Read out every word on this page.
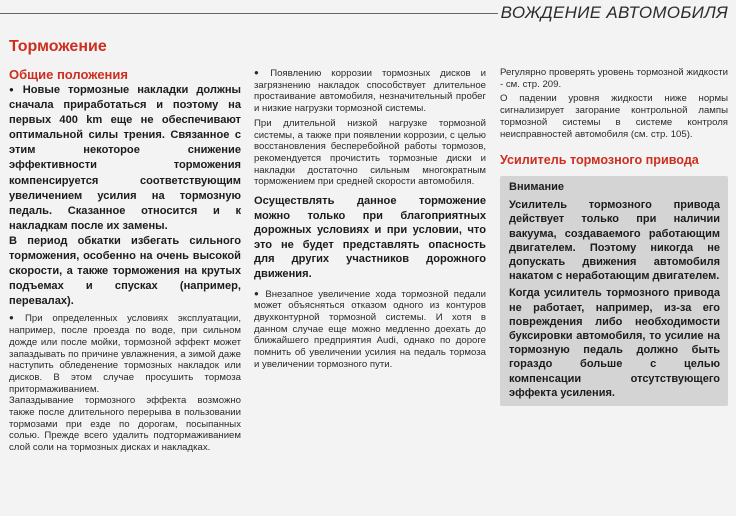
ВОЖДЕНИЕ АВТОМОБИЛЯ
Торможение
Общие положения

● Новые тормозные накладки должны сначала приработаться и поэтому на первых 400 km еще не обеспечивают оптимальной силы трения. Связанное с этим некоторое снижение эффективности торможения компенсируется соответствующим увеличением усилия на тормозную педаль. Сказанное относится и к накладкам после их замены.

В период обкатки избегать сильного торможения, особенно на очень высокой скорости, а также торможения на крутых подъемах и спусках (например, перевалах).

● При определенных условиях эксплуатации, например, после проезда по воде, при сильном дожде или после мойки, тормозной эффект может запаздывать по причине увлажнения, а зимой даже наступить обледенение тормозных накладок или дисков. В этом случае просушить тормоза притормаживанием.

Запаздывание тормозного эффекта возможно также после длительного перерыва в пользовании тормозами при езде по дорогам, посыпанных солью. Прежде всего удалить подтормаживанием слой соли на тормозных дисках и накладках.

● Появлению коррозии тормозных дисков и загрязнению накладок способствует длительное простаивание автомобиля, незначительный пробег и низкие нагрузки тормозной системы.

При длительной низкой нагрузке тормозной системы, а также при появлении коррозии, с целью восстановления бесперебойной работы тормозов, рекомендуется прочистить тормозные диски и накладки достаточно сильным многократным торможением при средней скорости автомобиля.

Осуществлять данное торможение можно только при благоприятных дорожных условиях и при условии, что это не будет представлять опасность для других участников дорожного движения.

● Внезапное увеличение хода тормозной педали может объясняться отказом одного из контуров двухконтурной тормозной системы. И хотя в данном случае еще можно медленно доехать до ближайшего предприятия Audi, однако по дороге помнить об увеличении усилия на педаль тормоза и увеличении тормозного пути.

Регулярно проверять уровень тормозной жидкости - см. стр. 209.

О падении уровня жидкости ниже нормы сигнализирует загорание контрольной лампы тормозной системы в системе контроля неисправностей автомобиля (см. стр. 105).

Усилитель тормозного привода
Внимание

Усилитель тормозного привода действует только при наличии вакуума, создаваемого работающим двигателем. Поэтому никогда не допускать движения автомобиля накатом с неработающим двигателем.

Когда усилитель тормозного привода не работает, например, из-за его повреждения либо необходимости буксировки автомобиля, то усилие на тормозную педаль должно быть гораздо больше с целью компенсации отсутствующего эффекта усиления.
